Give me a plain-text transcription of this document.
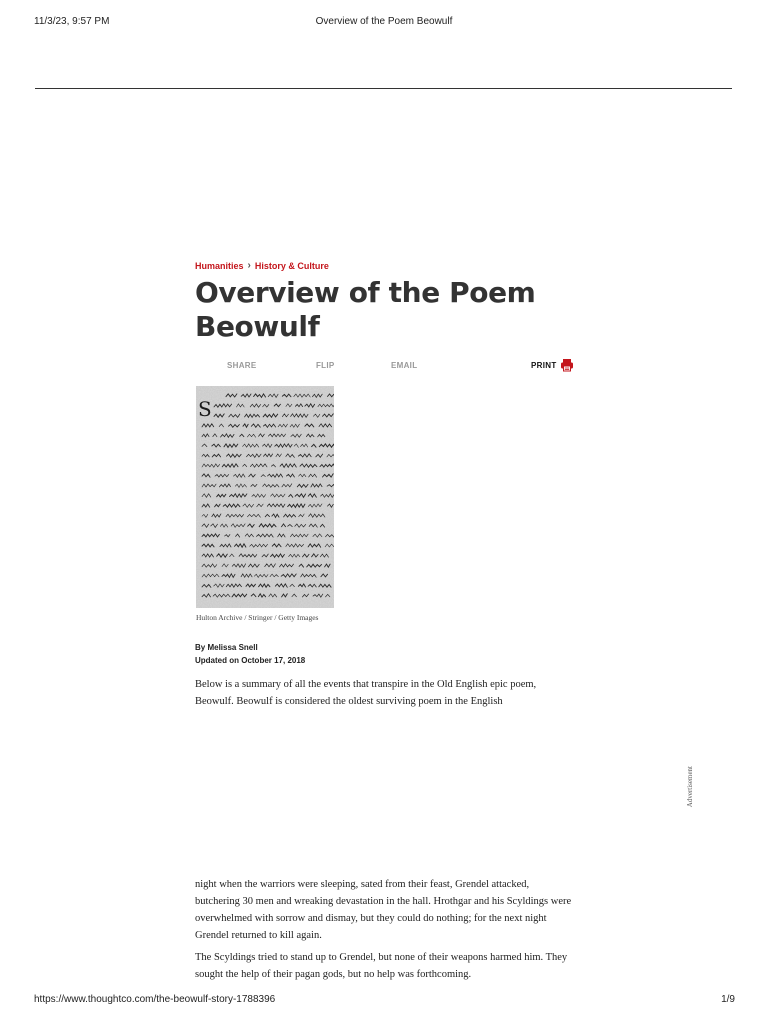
11/3/23, 9:57 PM	Overview of the Poem Beowulf
Humanities › History & Culture
Overview of the Poem Beowulf
SHARE	FLIP	EMAIL	PRINT
S
Hulton Archive / Stringer / Getty Images
By Melissa Snell
Updated on October 17, 2018

Below is a summary of all the events that transpire in the Old English epic poem, Beowulf. Beowulf is considered the oldest surviving poem in the English

Advertisement

night when the warriors were sleeping, sated from their feast, Grendel attacked, butchering 30 men and wreaking devastation in the hall. Hrothgar and his Scyldings were overwhelmed with sorrow and dismay, but they could do nothing; for the next night Grendel returned to kill again.

The Scyldings tried to stand up to Grendel, but none of their weapons harmed him. They sought the help of their pagan gods, but no help was forthcoming.

https://www.thoughtco.com/the-beowulf-story-1788396	1/9
